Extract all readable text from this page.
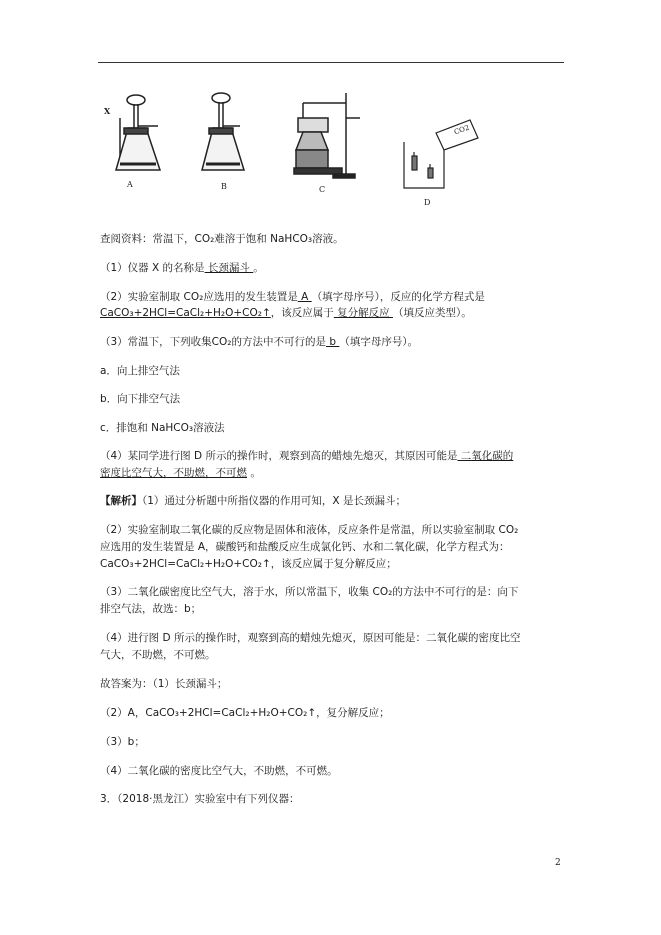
X
CO2
A	B	C
D
查阅资料：常温下，CO₂难溶于饱和 NaHCO₃溶液。
（1）仪器 X 的名称是 长颈漏斗 。
（2）实验室制取 CO₂应选用的发生装置是 A （填字母序号），反应的化学方程式是
CaCO₃+2HCl=CaCl₂+H₂O+CO₂↑，该反应属于 复分解反应 （填反应类型）。
（3）常温下，下列收集CO₂的方法中不可行的是 b （填字母序号）。
a．向上排空气法
b．向下排空气法
c．排饱和 NaHCO₃溶液法
（4）某同学进行图 D 所示的操作时，观察到高的蜡烛先熄灭，其原因可能是 二氧化碳的
密度比空气大，不助燃，不可燃 。
【解析】（1）通过分析题中所指仪器的作用可知，X 是长颈漏斗；
（2）实验室制取二氧化碳的反应物是固体和液体，反应条件是常温，所以实验室制取 CO₂
应选用的发生装置是 A，碳酸钙和盐酸反应生成氯化钙、水和二氧化碳，化学方程式为：
CaCO₃+2HCl=CaCl₂+H₂O+CO₂↑，该反应属于复分解反应；
（3）二氧化碳密度比空气大，溶于水，所以常温下，收集 CO₂的方法中不可行的是：向下
排空气法，故选：b；
（4）进行图 D 所示的操作时，观察到高的蜡烛先熄灭，原因可能是：二氧化碳的密度比空
气大，不助燃，不可燃。
故答案为：（1）长颈漏斗；
（2）A，CaCO₃+2HCl=CaCl₂+H₂O+CO₂↑，复分解反应；
（3）b；
（4）二氧化碳的密度比空气大，不助燃，不可燃。
3．（2018·黑龙江）实验室中有下列仪器：
2
